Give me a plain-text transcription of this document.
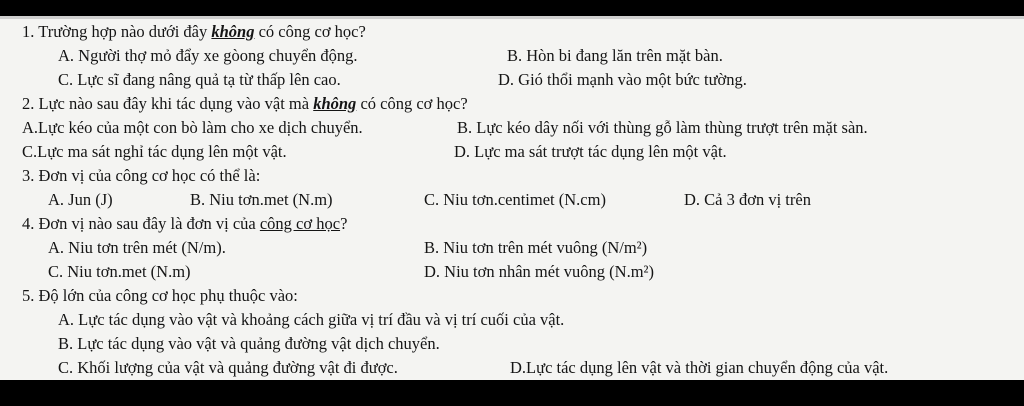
1. Trường hợp nào dưới đây không có công cơ học?
A. Người thợ mỏ đẩy xe gòong chuyển động.	B. Hòn bi đang lăn trên mặt bàn.
C. Lực sĩ đang nâng quả tạ từ thấp lên cao.	D. Gió thổi mạnh vào một bức tường.
2. Lực nào sau đây khi tác dụng vào vật mà không có công cơ học?
A.Lực kéo của một con bò làm cho xe dịch chuyển.	B. Lực kéo dây nối với thùng gỗ làm thùng trượt trên mặt sàn.
C.Lực ma sát nghỉ tác dụng lên một vật.	D. Lực ma sát trượt tác dụng lên một vật.
3. Đơn vị của công cơ học có thể là:
A. Jun (J)	B. Niu tơn.met (N.m)	C. Niu tơn.centimet (N.cm)	D. Cả 3 đơn vị trên
4. Đơn vị nào sau đây là đơn vị của công cơ học?
A. Niu tơn trên mét (N/m).	B. Niu tơn trên mét vuông (N/m²)
C. Niu tơn.met (N.m)	D. Niu tơn nhân mét vuông (N.m²)
5. Độ lớn của công cơ học phụ thuộc vào:
A. Lực tác dụng vào vật và khoảng cách giữa vị trí đầu và vị trí cuối của vật.
B. Lực tác dụng vào vật và quảng đường vật dịch chuyển.
C. Khối lượng của vật và quảng đường vật đi được.	D.Lực tác dụng lên vật và thời gian chuyển động của vật.
